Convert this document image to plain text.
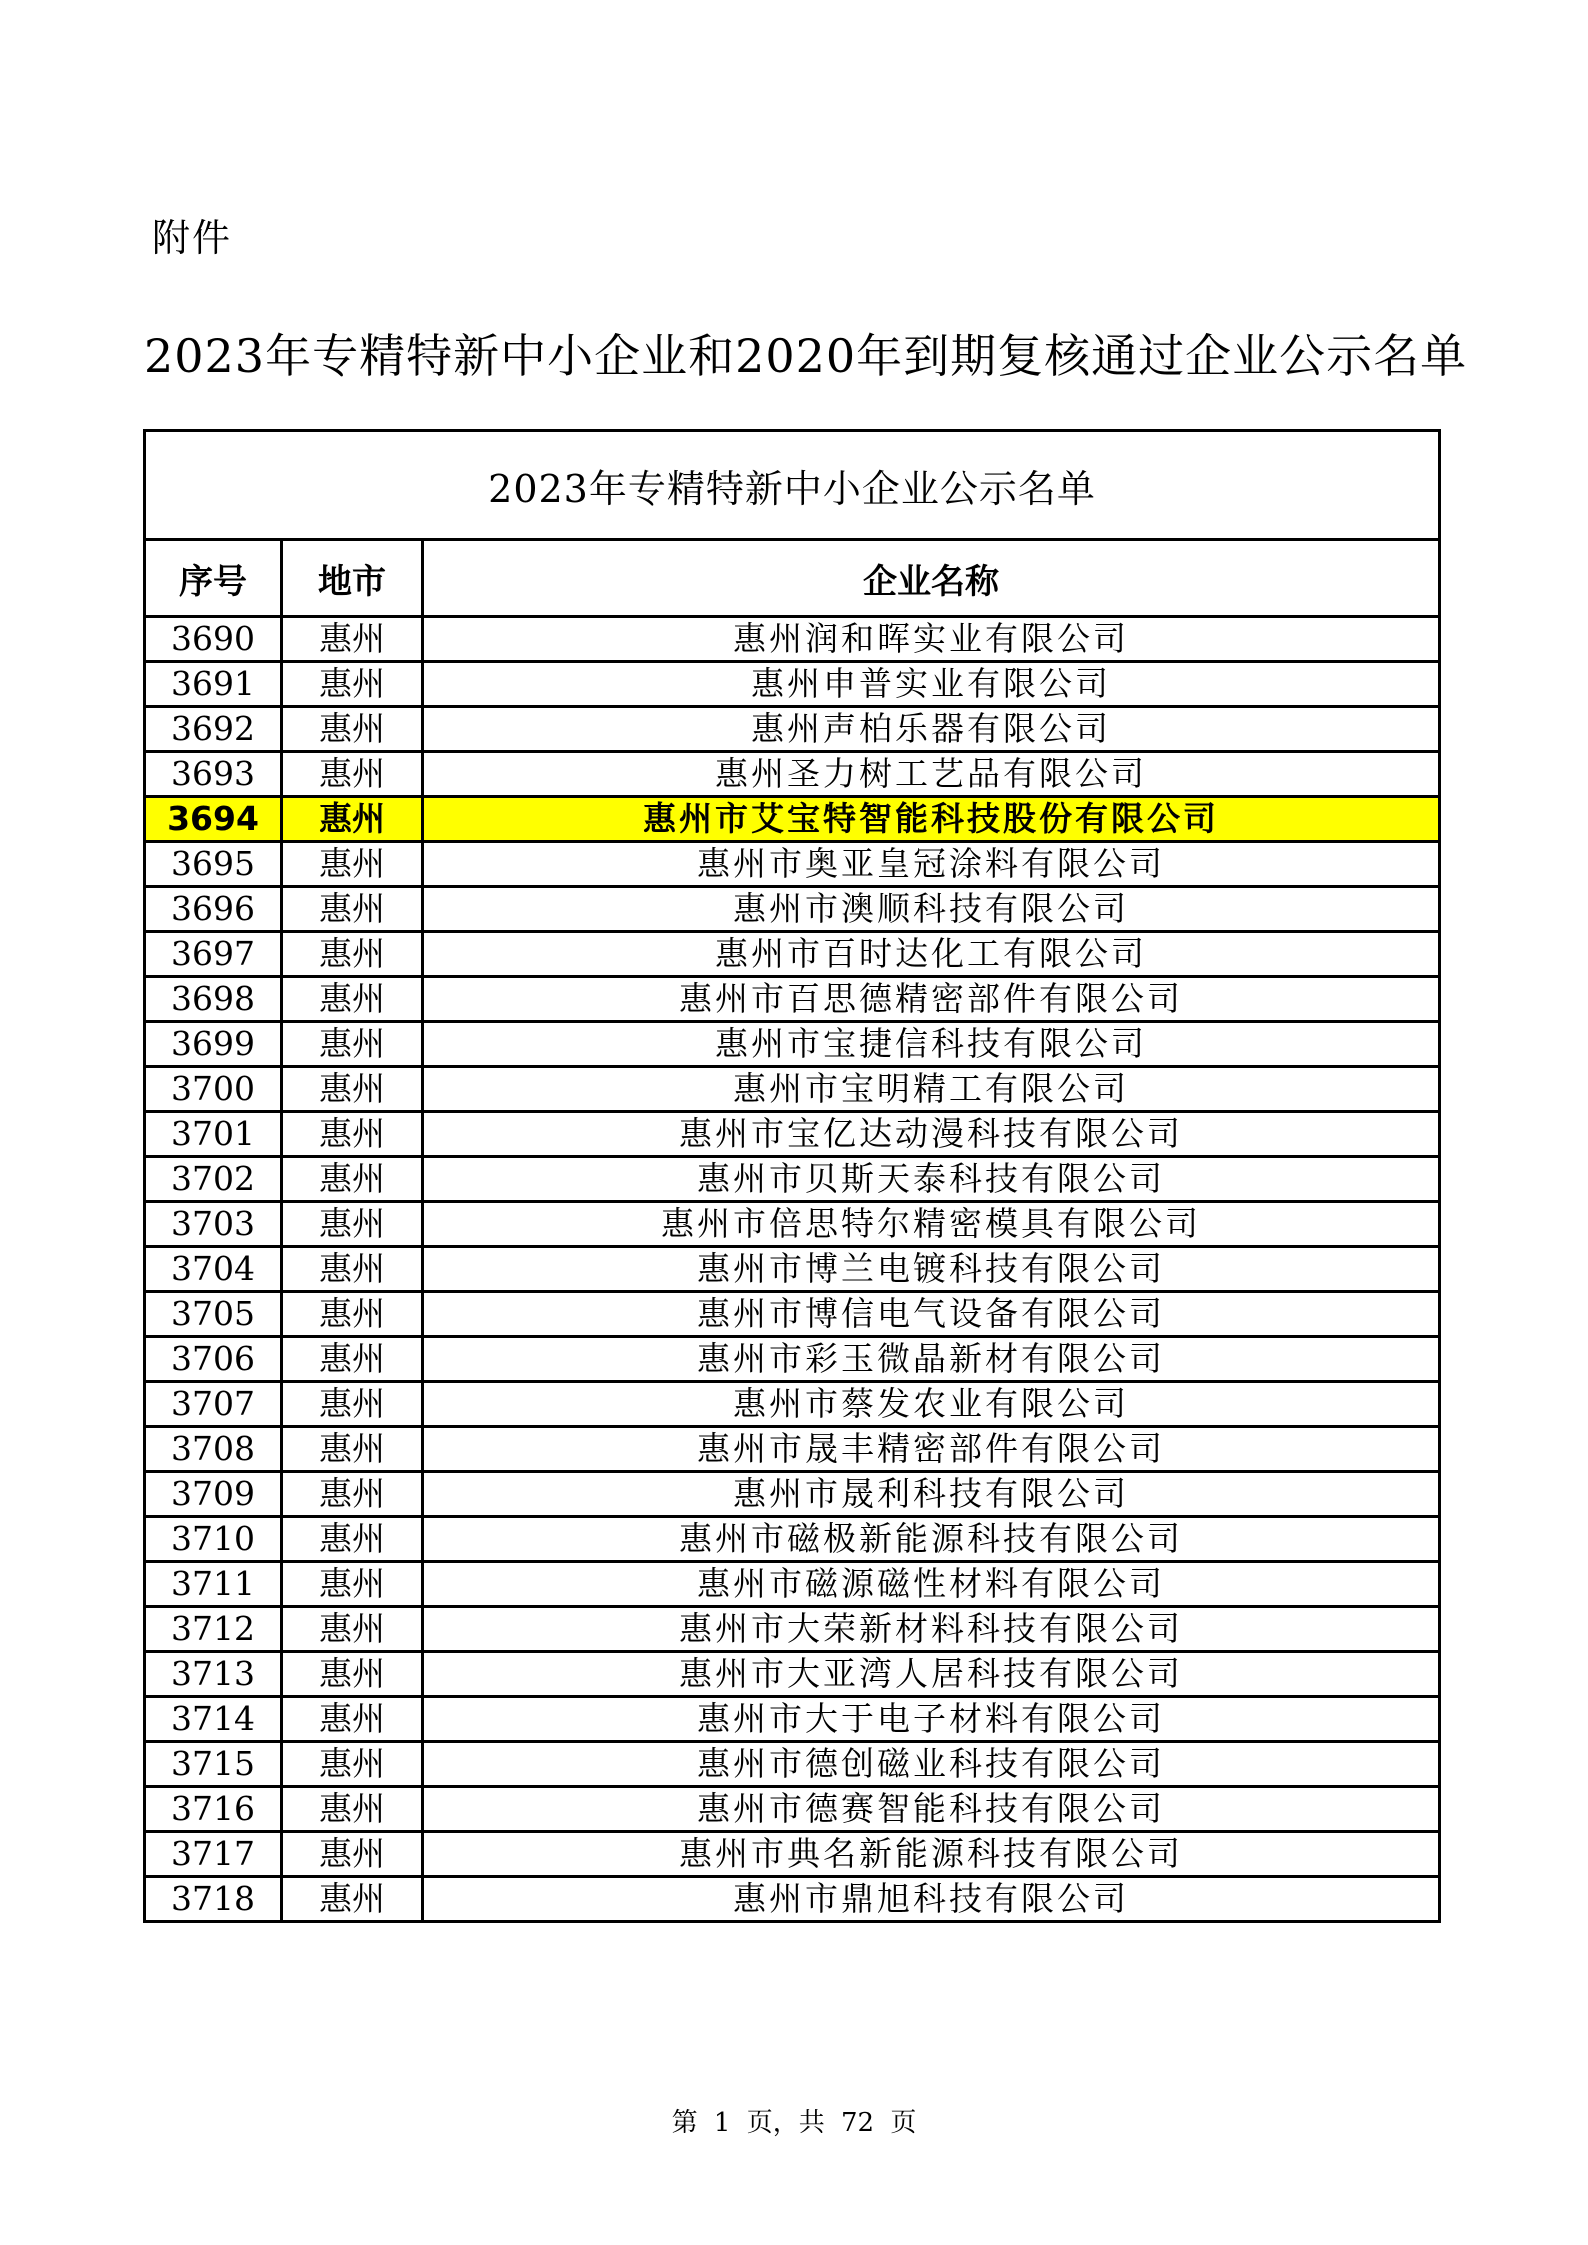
附件
2023年专精特新中小企业和2020年到期复核通过企业公示名单
2023年专精特新中小企业公示名单		
序号	地市	企业名称
3690	惠州	惠州润和晖实业有限公司
3691	惠州	惠州申普实业有限公司
3692	惠州	惠州声柏乐器有限公司
3693	惠州	惠州圣力树工艺品有限公司
3694	惠州	惠州市艾宝特智能科技股份有限公司
3695	惠州	惠州市奥亚皇冠涂料有限公司
3696	惠州	惠州市澳顺科技有限公司
3697	惠州	惠州市百时达化工有限公司
3698	惠州	惠州市百思德精密部件有限公司
3699	惠州	惠州市宝捷信科技有限公司
3700	惠州	惠州市宝明精工有限公司
3701	惠州	惠州市宝亿达动漫科技有限公司
3702	惠州	惠州市贝斯天泰科技有限公司
3703	惠州	惠州市倍思特尔精密模具有限公司
3704	惠州	惠州市博兰电镀科技有限公司
3705	惠州	惠州市博信电气设备有限公司
3706	惠州	惠州市彩玉微晶新材有限公司
3707	惠州	惠州市蔡发农业有限公司
3708	惠州	惠州市晟丰精密部件有限公司
3709	惠州	惠州市晟利科技有限公司
3710	惠州	惠州市磁极新能源科技有限公司
3711	惠州	惠州市磁源磁性材料有限公司
3712	惠州	惠州市大荣新材料科技有限公司
3713	惠州	惠州市大亚湾人居科技有限公司
3714	惠州	惠州市大于电子材料有限公司
3715	惠州	惠州市德创磁业科技有限公司
3716	惠州	惠州市德赛智能科技有限公司
3717	惠州	惠州市典名新能源科技有限公司
3718	惠州	惠州市鼎旭科技有限公司
第 1 页，共 72 页
